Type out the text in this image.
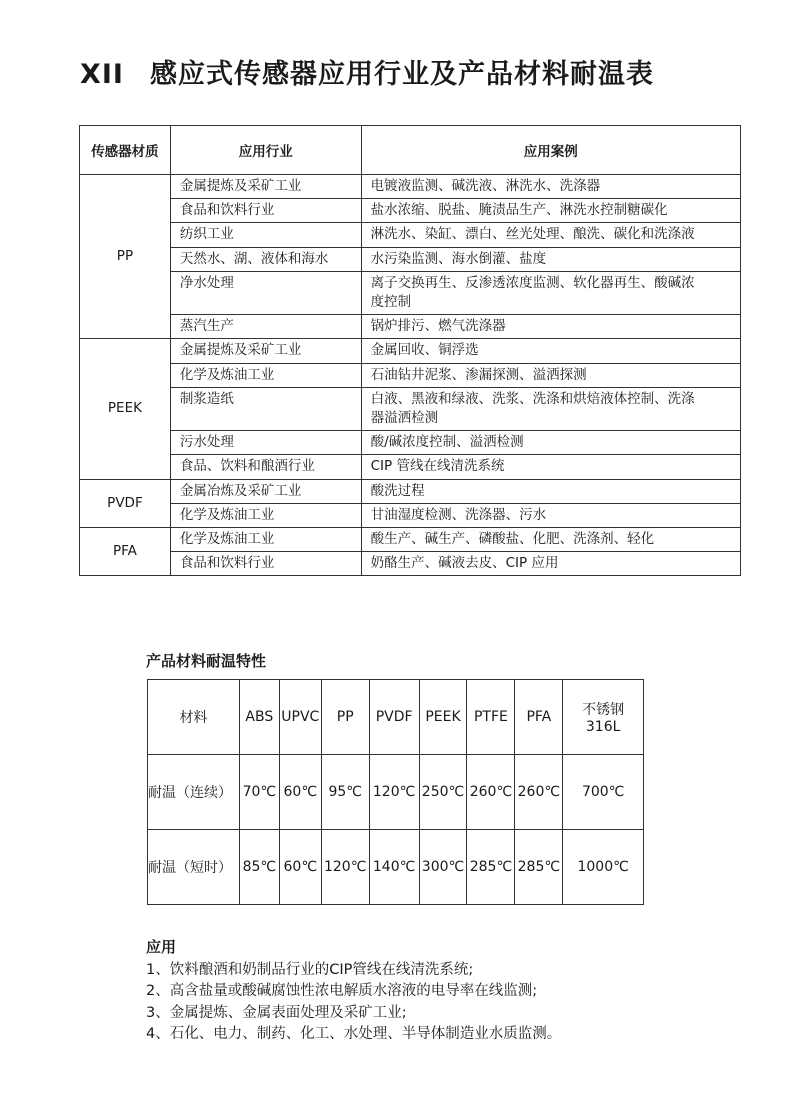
XII 感应式传感器应用行业及产品材料耐温表
传感器材质	应用行业	应用案例
PP	金属提炼及采矿工业	电镀液监测、碱洗液、淋洗水、洗涤器

	食品和饮料行业	盐水浓缩、脱盐、腌渍品生产、淋洗水控制糖碳化

	纺织工业	淋洗水、染缸、漂白、丝光处理、酿洗、碳化和洗涤液

	天然水、湖、液体和海水	水污染监测、海水倒灌、盐度

	净水处理	离子交换再生、反渗透浓度监测、软化器再生、酸碱浓
度控制

	蒸汽生产	锅炉排污、燃气洗涤器

PEEK	金属提炼及采矿工业	金属回收、铜浮选

	化学及炼油工业	石油钻井泥浆、渗漏探测、溢洒探测

	制浆造纸	白液、黑液和绿液、洗浆、洗涤和烘焙液体控制、洗涤
器溢洒检测

	污水处理	酸/碱浓度控制、溢洒检测

	食品、饮料和酿酒行业	CIP 管线在线清洗系统

PVDF	金属冶炼及采矿工业	酸洗过程

	化学及炼油工业	甘油湿度检测、洗涤器、污水

PFA	化学及炼油工业	酸生产、碱生产、磷酸盐、化肥、洗涤剂、轻化

	食品和饮料行业	奶酪生产、碱液去皮、CIP 应用
产品材料耐温特性
材料	ABS	UPVC	PP	PVDF	PEEK	PTFE	PFA	不锈钢
316L

耐温（连续）	70℃	60℃	95℃	120℃	250℃	260℃	260℃	700℃
耐温（短时）	85℃	60℃	120℃	140℃	300℃	285℃	285℃	1000℃
应用
1、饮料酿酒和奶制品行业的CIP管线在线清洗系统;
2、高含盐量或酸碱腐蚀性浓电解质水溶液的电导率在线监测;
3、金属提炼、金属表面处理及采矿工业;
4、石化、电力、制药、化工、水处理、半导体制造业水质监测。
